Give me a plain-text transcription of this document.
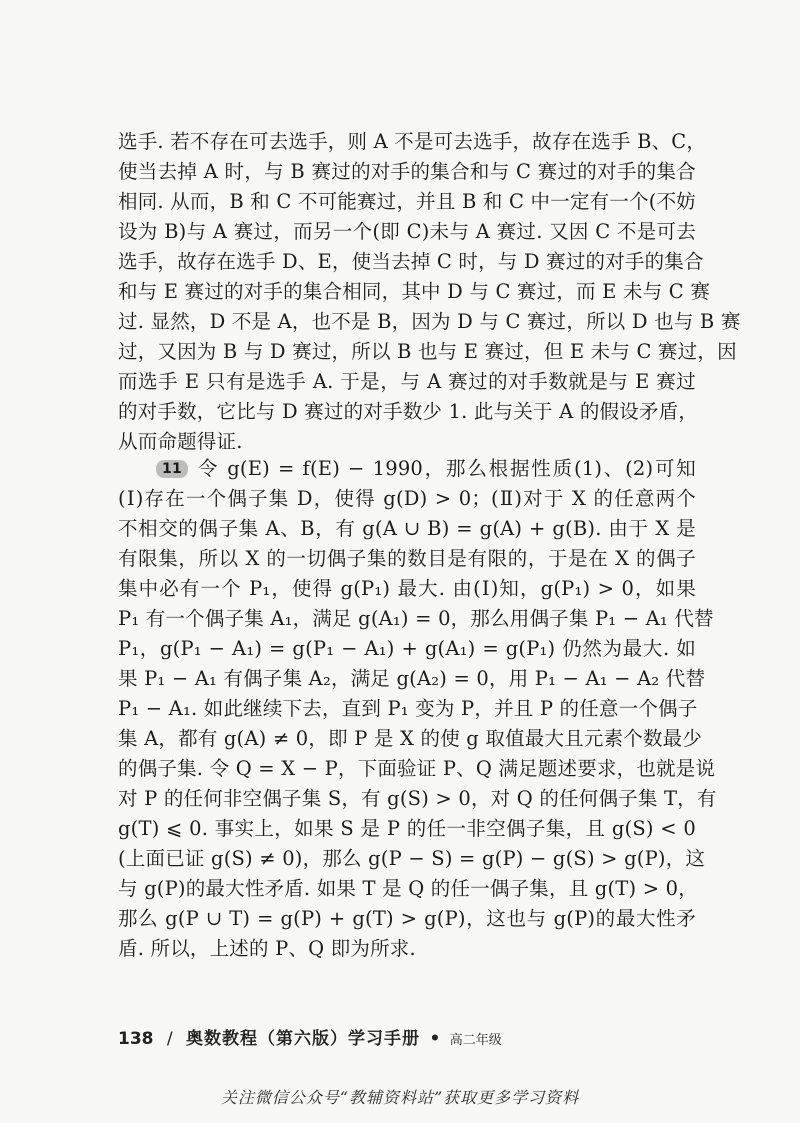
选手. 若不存在可去选手，则 A 不是可去选手，故存在选手 B、C，
使当去掉 A 时，与 B 赛过的对手的集合和与 C 赛过的对手的集合
相同. 从而，B 和 C 不可能赛过，并且 B 和 C 中一定有一个(不妨
设为 B)与 A 赛过，而另一个(即 C)未与 A 赛过. 又因 C 不是可去
选手，故存在选手 D、E，使当去掉 C 时，与 D 赛过的对手的集合
和与 E 赛过的对手的集合相同，其中 D 与 C 赛过，而 E 未与 C 赛
过. 显然，D 不是 A，也不是 B，因为 D 与 C 赛过，所以 D 也与 B 赛
过，又因为 B 与 D 赛过，所以 B 也与 E 赛过，但 E 未与 C 赛过，因
而选手 E 只有是选手 A. 于是，与 A 赛过的对手数就是与 E 赛过
的对手数，它比与 D 赛过的对手数少 1. 此与关于 A 的假设矛盾，
从而命题得证.
11 令 g(E) = f(E) − 1990，那么根据性质(1)、(2)可知
(Ⅰ)存在一个偶子集 D，使得 g(D) > 0；(Ⅱ)对于 X 的任意两个
不相交的偶子集 A、B，有 g(A ∪ B) = g(A) + g(B). 由于 X 是
有限集，所以 X 的一切偶子集的数目是有限的，于是在 X 的偶子
集中必有一个 P₁，使得 g(P₁) 最大. 由(Ⅰ)知，g(P₁) > 0，如果
P₁ 有一个偶子集 A₁，满足 g(A₁) = 0，那么用偶子集 P₁ − A₁ 代替
P₁，g(P₁ − A₁) = g(P₁ − A₁) + g(A₁) = g(P₁) 仍然为最大. 如
果 P₁ − A₁ 有偶子集 A₂，满足 g(A₂) = 0，用 P₁ − A₁ − A₂ 代替
P₁ − A₁. 如此继续下去，直到 P₁ 变为 P，并且 P 的任意一个偶子
集 A，都有 g(A) ≠ 0，即 P 是 X 的使 g 取值最大且元素个数最少
的偶子集. 令 Q = X − P，下面验证 P、Q 满足题述要求，也就是说
对 P 的任何非空偶子集 S，有 g(S) > 0，对 Q 的任何偶子集 T，有
g(T) ⩽ 0. 事实上，如果 S 是 P 的任一非空偶子集，且 g(S) < 0
(上面已证 g(S) ≠ 0)，那么 g(P − S) = g(P) − g(S) > g(P)，这
与 g(P)的最大性矛盾. 如果 T 是 Q 的任一偶子集，且 g(T) > 0，
那么 g(P ∪ T) = g(P) + g(T) > g(P)，这也与 g(P)的最大性矛
盾. 所以，上述的 P、Q 即为所求.
138 / 奥数教程（第六版）学习手册 • 高二年级
关注微信公众号“教辅资料站”获取更多学习资料
